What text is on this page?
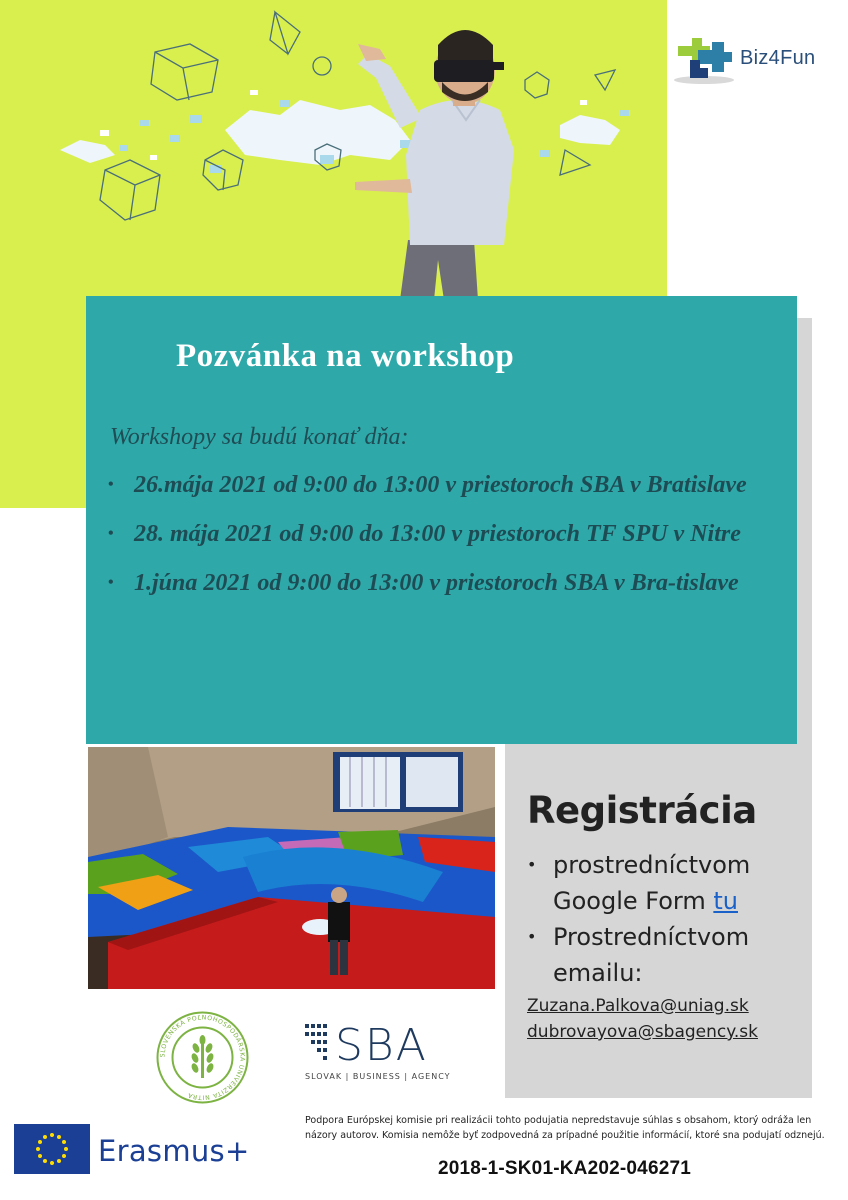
Biz4Fun
Pozvánka na workshop
Workshopy sa budú konať dňa:
• 26.mája 2021 od 9:00 do 13:00 v priestoroch SBA v Bratislave
• 28. mája 2021 od 9:00 do 13:00 v priestoroch TF SPU v Nitre
• 1.júna 2021 od 9:00 do 13:00 v priestoroch SBA v Bra-tislave
Registrácia
• prostredníctvom Google Form tu
• Prostredníctvom emailu:
Zuzana.Palkova@uniag.sk
dubrovayova@sbagency.sk
SLOVENSKÁ POĽNOHOSPODÁRSKA UNIVERZITA NITRA
SBA
SLOVAK | BUSINESS | AGENCY
Erasmus+
Podpora Európskej komisie pri realizácii tohto podujatia nepredstavuje súhlas s obsahom, ktorý odráža len názory autorov. Komisia nemôže byť zodpovedná za prípadné použitie informácií, ktoré sna podujatí odznejú.
2018-1-SK01-KA202-046271
